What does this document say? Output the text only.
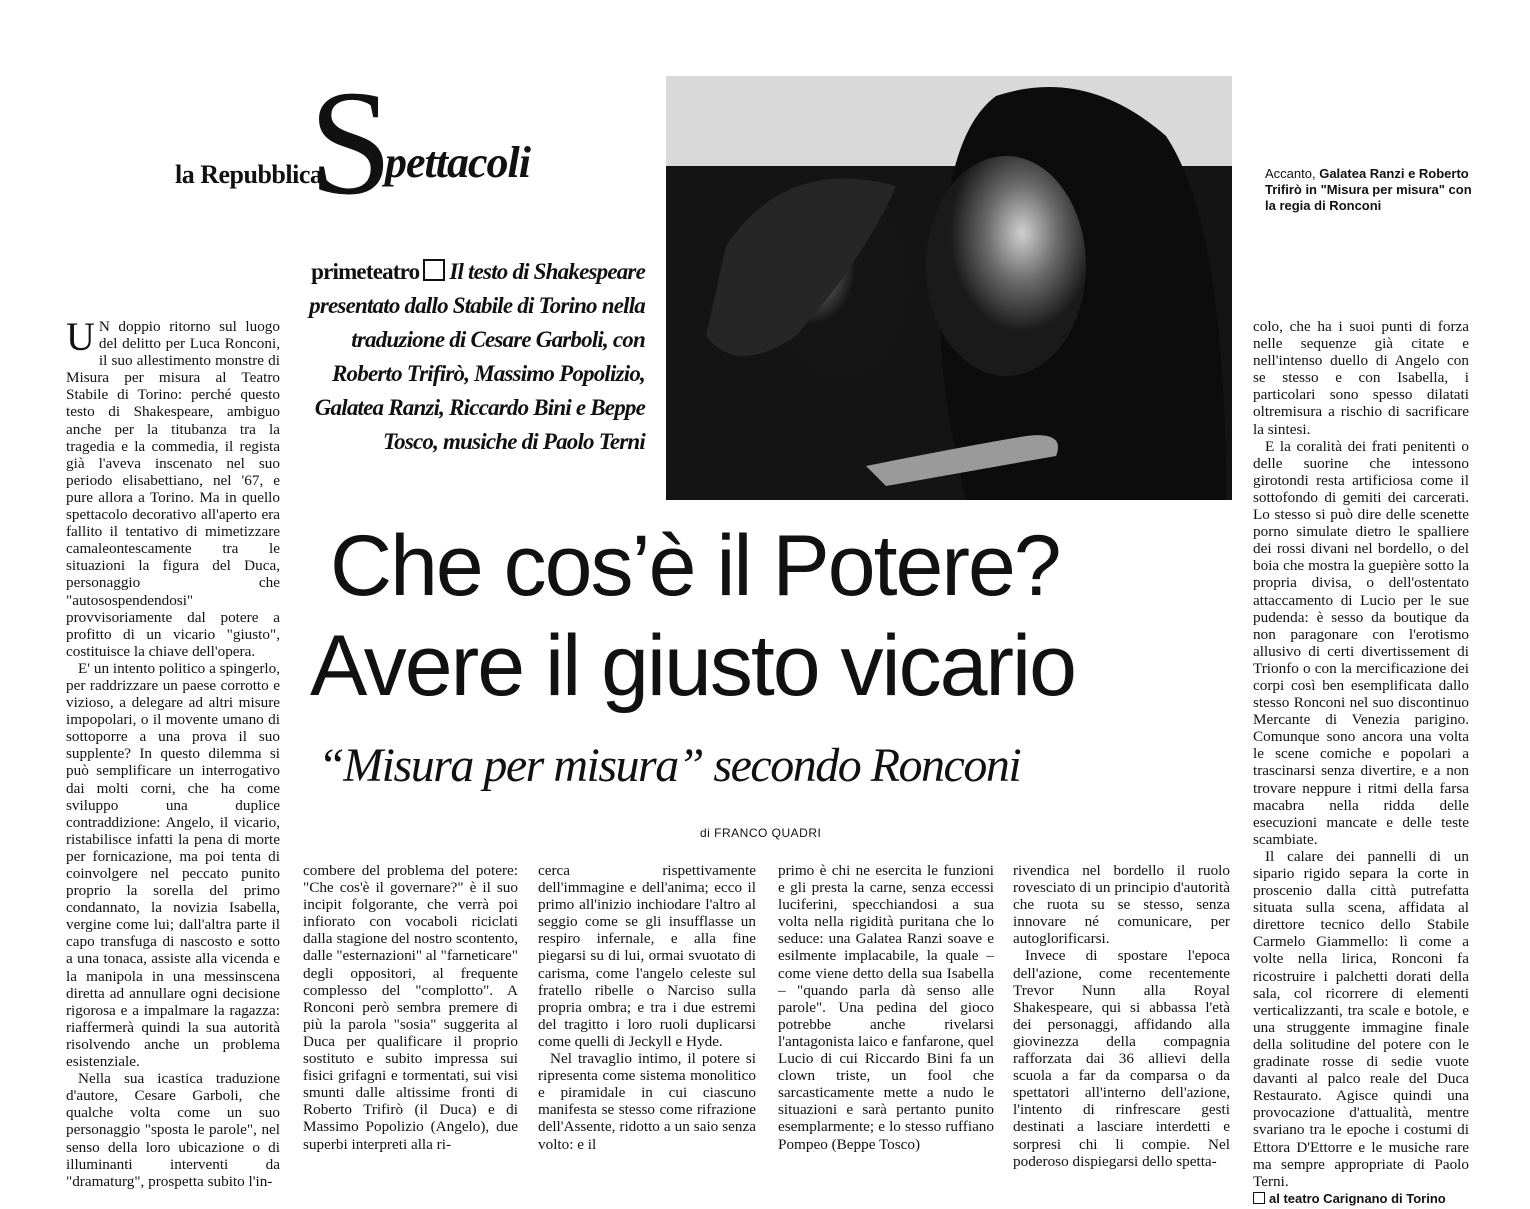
la Repubblica
S
pettacoli	Accanto, Galatea Ranzi e Roberto Trifirò in "Misura per misura" con la regia di Ronconi
primeteatro Il testo di Shakespeare presentato dallo Stabile di Torino nella traduzione di Cesare Garboli, con Roberto Trifirò, Massimo Popolizio, Galatea Ranzi, Riccardo Bini e Beppe Tosco, musiche di Paolo Terni
Che cos’è il Potere?
Avere il giusto vicario
“Misura per misura” secondo Ronconi
di FRANCO QUADRI

U N doppio ritorno sul luogo del delitto per Luca Ronconi, il suo allestimento monstre di Misura per misura al Teatro Stabile di Torino: perché questo testo di Shakespeare, ambiguo anche per la titubanza tra la tragedia e la commedia, il regista già l'aveva inscenato nel suo periodo elisabettiano, nel '67, e pure allora a Torino. Ma in quello spettacolo decorativo all'aperto era fallito il tentativo di mimetizzare camaleontescamente tra le situazioni la figura del Duca, personaggio che "autosospendendosi" provvisoriamente dal potere a profitto di un vicario "giusto", costituisce la chiave dell'opera.

E' un intento politico a spingerlo, per raddrizzare un paese corrotto e vizioso, a delegare ad altri misure impopolari, o il movente umano di sottoporre a una prova il suo supplente? In questo dilemma si può semplificare un interrogativo dai molti corni, che ha come sviluppo una duplice contraddizione: Angelo, il vicario, ristabilisce infatti la pena di morte per fornicazione, ma poi tenta di coinvolgere nel peccato punito proprio la sorella del primo condannato, la novizia Isabella, vergine come lui; dall'altra parte il capo transfuga di nascosto e sotto a una tonaca, assiste alla vicenda e la manipola in una messinscena diretta ad annullare ogni decisione rigorosa e a impalmare la ragazza: riaffermerà quindi la sua autorità risolvendo anche un problema esistenziale.

Nella sua icastica traduzione d'autore, Cesare Garboli, che qualche volta come un suo personaggio "sposta le parole", nel senso della loro ubicazione o di illuminanti interventi da "dramaturg", prospetta subito l'in-

combere del problema del potere: "Che cos'è il governare?" è il suo incipit folgorante, che verrà poi infiorato con vocaboli riciclati dalla stagione del nostro scontento, dalle "esternazioni" al "farneticare" degli oppositori, al frequente complesso del "complotto". A Ronconi però sembra premere di più la parola "sosia" suggerita al Duca per qualificare il proprio sostituto e subito impressa sui fisici grifagni e tormentati, sui visi smunti dalle altissime fronti di Roberto Trifirò (il Duca) e di Massimo Popolizio (Angelo), due superbi interpreti alla ri-

cerca rispettivamente dell'immagine e dell'anima; ecco il primo all'inizio inchiodare l'altro al seggio come se gli insufflasse un respiro infernale, e alla fine piegarsi su di lui, ormai svuotato di carisma, come l'angelo celeste sul fratello ribelle o Narciso sulla propria ombra; e tra i due estremi del tragitto i loro ruoli duplicarsi come quelli di Jeckyll e Hyde.

Nel travaglio intimo, il potere si ripresenta come sistema monolitico e piramidale in cui ciascuno manifesta se stesso come rifrazione dell'Assente, ridotto a un saio senza volto: e il

primo è chi ne esercita le funzioni e gli presta la carne, senza eccessi luciferini, specchiandosi a sua volta nella rigidità puritana che lo seduce: una Galatea Ranzi soave e esilmente implacabile, la quale – come viene detto della sua Isabella – "quando parla dà senso alle parole". Una pedina del gioco potrebbe anche rivelarsi l'antagonista laico e fanfarone, quel Lucio di cui Riccardo Bini fa un clown triste, un fool che sarcasticamente mette a nudo le situazioni e sarà pertanto punito esemplarmente; e lo stesso ruffiano Pompeo (Beppe Tosco)

rivendica nel bordello il ruolo rovesciato di un principio d'autorità che ruota su se stesso, senza innovare né comunicare, per autoglorificarsi.

Invece di spostare l'epoca dell'azione, come recentemente Trevor Nunn alla Royal Shakespeare, qui si abbassa l'età dei personaggi, affidando alla giovinezza della compagnia rafforzata dai 36 allievi della scuola a far da comparsa o da spettatori all'interno dell'azione, l'intento di rinfrescare gesti destinati a lasciare interdetti e sorpresi chi li compie. Nel poderoso dispiegarsi dello spetta-

colo, che ha i suoi punti di forza nelle sequenze già citate e nell'intenso duello di Angelo con se stesso e con Isabella, i particolari sono spesso dilatati oltremisura a rischio di sacrificare la sintesi.

E la coralità dei frati penitenti o delle suorine che intessono girotondi resta artificiosa come il sottofondo di gemiti dei carcerati. Lo stesso si può dire delle scenette porno simulate dietro le spalliere dei rossi divani nel bordello, o del boia che mostra la guepière sotto la propria divisa, o dell'ostentato attaccamento di Lucio per le sue pudenda: è sesso da boutique da non paragonare con l'erotismo allusivo di certi divertissement di Trionfo o con la mercificazione dei corpi così ben esemplificata dallo stesso Ronconi nel suo discontinuo Mercante di Venezia parigino. Comunque sono ancora una volta le scene comiche e popolari a trascinarsi senza divertire, e a non trovare neppure i ritmi della farsa macabra nella ridda delle esecuzioni mancate e delle teste scambiate.

Il calare dei pannelli di un sipario rigido separa la corte in proscenio dalla città putrefatta situata sulla scena, affidata al direttore tecnico dello Stabile Carmelo Giammello: lì come a volte nella lirica, Ronconi fa ricostruire i palchetti dorati della sala, col ricorrere di elementi verticalizzanti, tra scale e botole, e una struggente immagine finale della solitudine del potere con le gradinate rosse di sedie vuote davanti al palco reale del Duca Restaurato. Agisce quindi una provocazione d'attualità, mentre svariano tra le epoche i costumi di Ettora D'Ettorre e le musiche rare ma sempre appropriate di Paolo Terni.

al teatro Carignano di Torino
